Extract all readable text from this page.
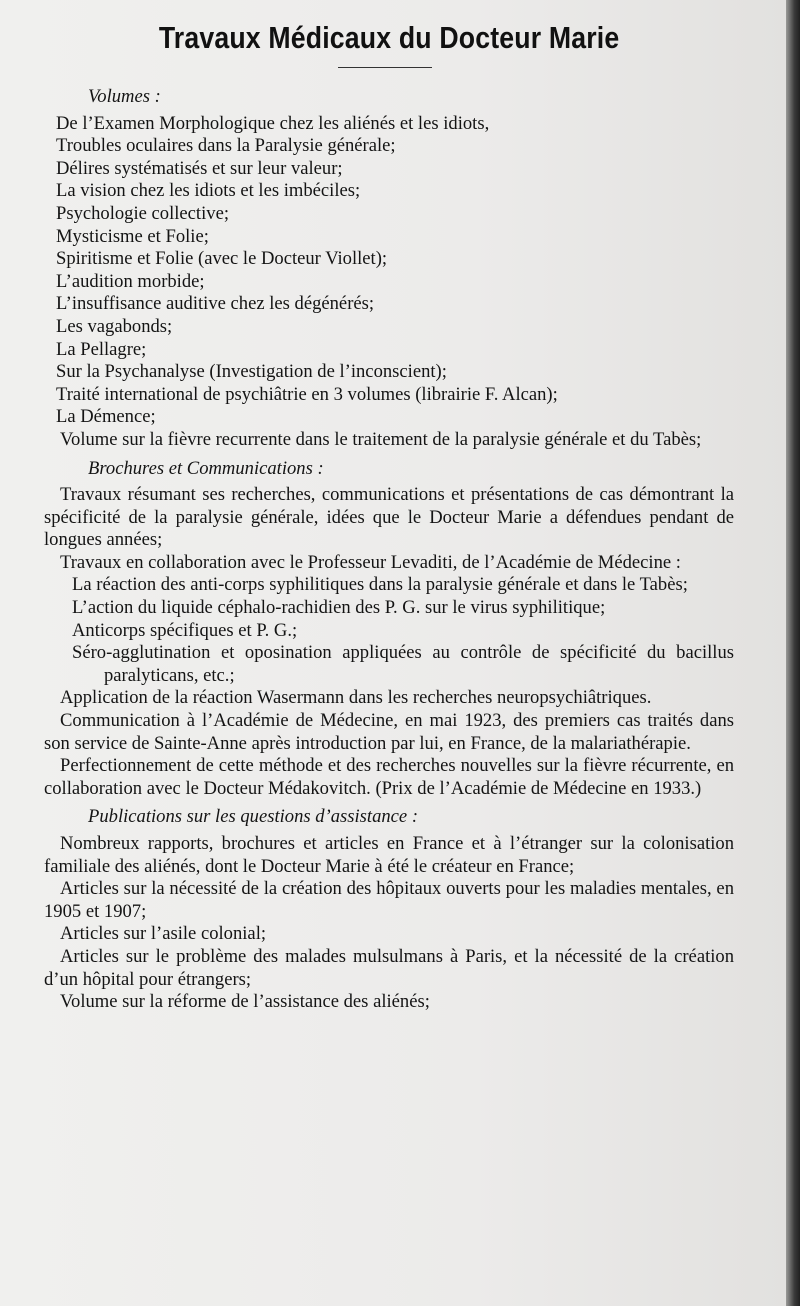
Travaux Médicaux du Docteur Marie

Volumes :

De l’Examen Morphologique chez les aliénés et les idiots,

Troubles oculaires dans la Paralysie générale;

Délires systématisés et sur leur valeur;

La vision chez les idiots et les imbéciles;

Psychologie collective;

Mysticisme et Folie;

Spiritisme et Folie (avec le Docteur Viollet);

L’audition morbide;

L’insuffisance auditive chez les dégénérés;

Les vagabonds;

La Pellagre;

Sur la Psychanalyse (Investigation de l’inconscient);

Traité international de psychiâtrie en 3 volumes (librairie F. Alcan);

La Démence;

Volume sur la fièvre recurrente dans le traitement de la paralysie générale et du Tabès;

Brochures et Communications :

Travaux résumant ses recherches, communications et présentations de cas démontrant la spécificité de la paralysie générale, idées que le Docteur Marie a défendues pendant de longues années;

Travaux en collaboration avec le Professeur Levaditi, de l’Académie de Médecine :

La réaction des anti-corps syphilitiques dans la paralysie générale et dans le Tabès;

L’action du liquide céphalo-rachidien des P. G. sur le virus syphilitique;

Anticorps spécifiques et P. G.;

Séro-agglutination et oposination appliquées au contrôle de spécificité du bacillus paralyticans, etc.;

Application de la réaction Wasermann dans les recherches neuropsychiâtriques.

Communication à l’Académie de Médecine, en mai 1923, des premiers cas traités dans son service de Sainte-Anne après introduction par lui, en France, de la malariathérapie.

Perfectionnement de cette méthode et des recherches nouvelles sur la fièvre récurrente, en collaboration avec le Docteur Médakovitch. (Prix de l’Académie de Médecine en 1933.)

Publications sur les questions d’assistance :

Nombreux rapports, brochures et articles en France et à l’étranger sur la colonisation familiale des aliénés, dont le Docteur Marie à été le créateur en France;

Articles sur la nécessité de la création des hôpitaux ouverts pour les maladies mentales, en 1905 et 1907;

Articles sur l’asile colonial;

Articles sur le problème des malades mulsulmans à Paris, et la nécessité de la création d’un hôpital pour étrangers;

Volume sur la réforme de l’assistance des aliénés;
